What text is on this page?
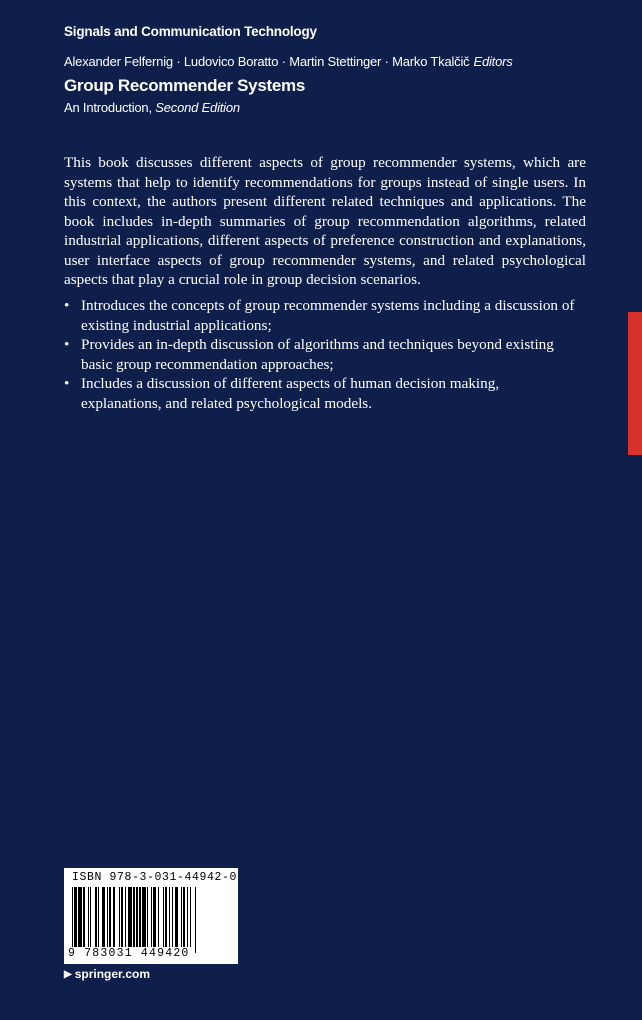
Signals and Communication Technology
Alexander Felfernig · Ludovico Boratto · Martin Stettinger · Marko Tkalčič Editors
Group Recommender Systems
An Introduction, Second Edition

This book discusses different aspects of group recommender systems, which are systems that help to identify recommendations for groups instead of single users. In this context, the authors present different related techniques and applications. The book includes in-depth summaries of group recommendation algorithms, related industrial applications, different aspects of preference construction and explanations, user interface aspects of group recommender systems, and related psychological aspects that play a crucial role in group decision scenarios.

• Introduces the concepts of group recommender systems including a discussion of existing industrial applications;
• Provides an in-depth discussion of algorithms and techniques beyond existing basic group recommendation approaches;
• Includes a discussion of different aspects of human decision making, explanations, and related psychological models.
ISBN 978-3-031-44942-0
9 783031 449420
▶ springer.com
